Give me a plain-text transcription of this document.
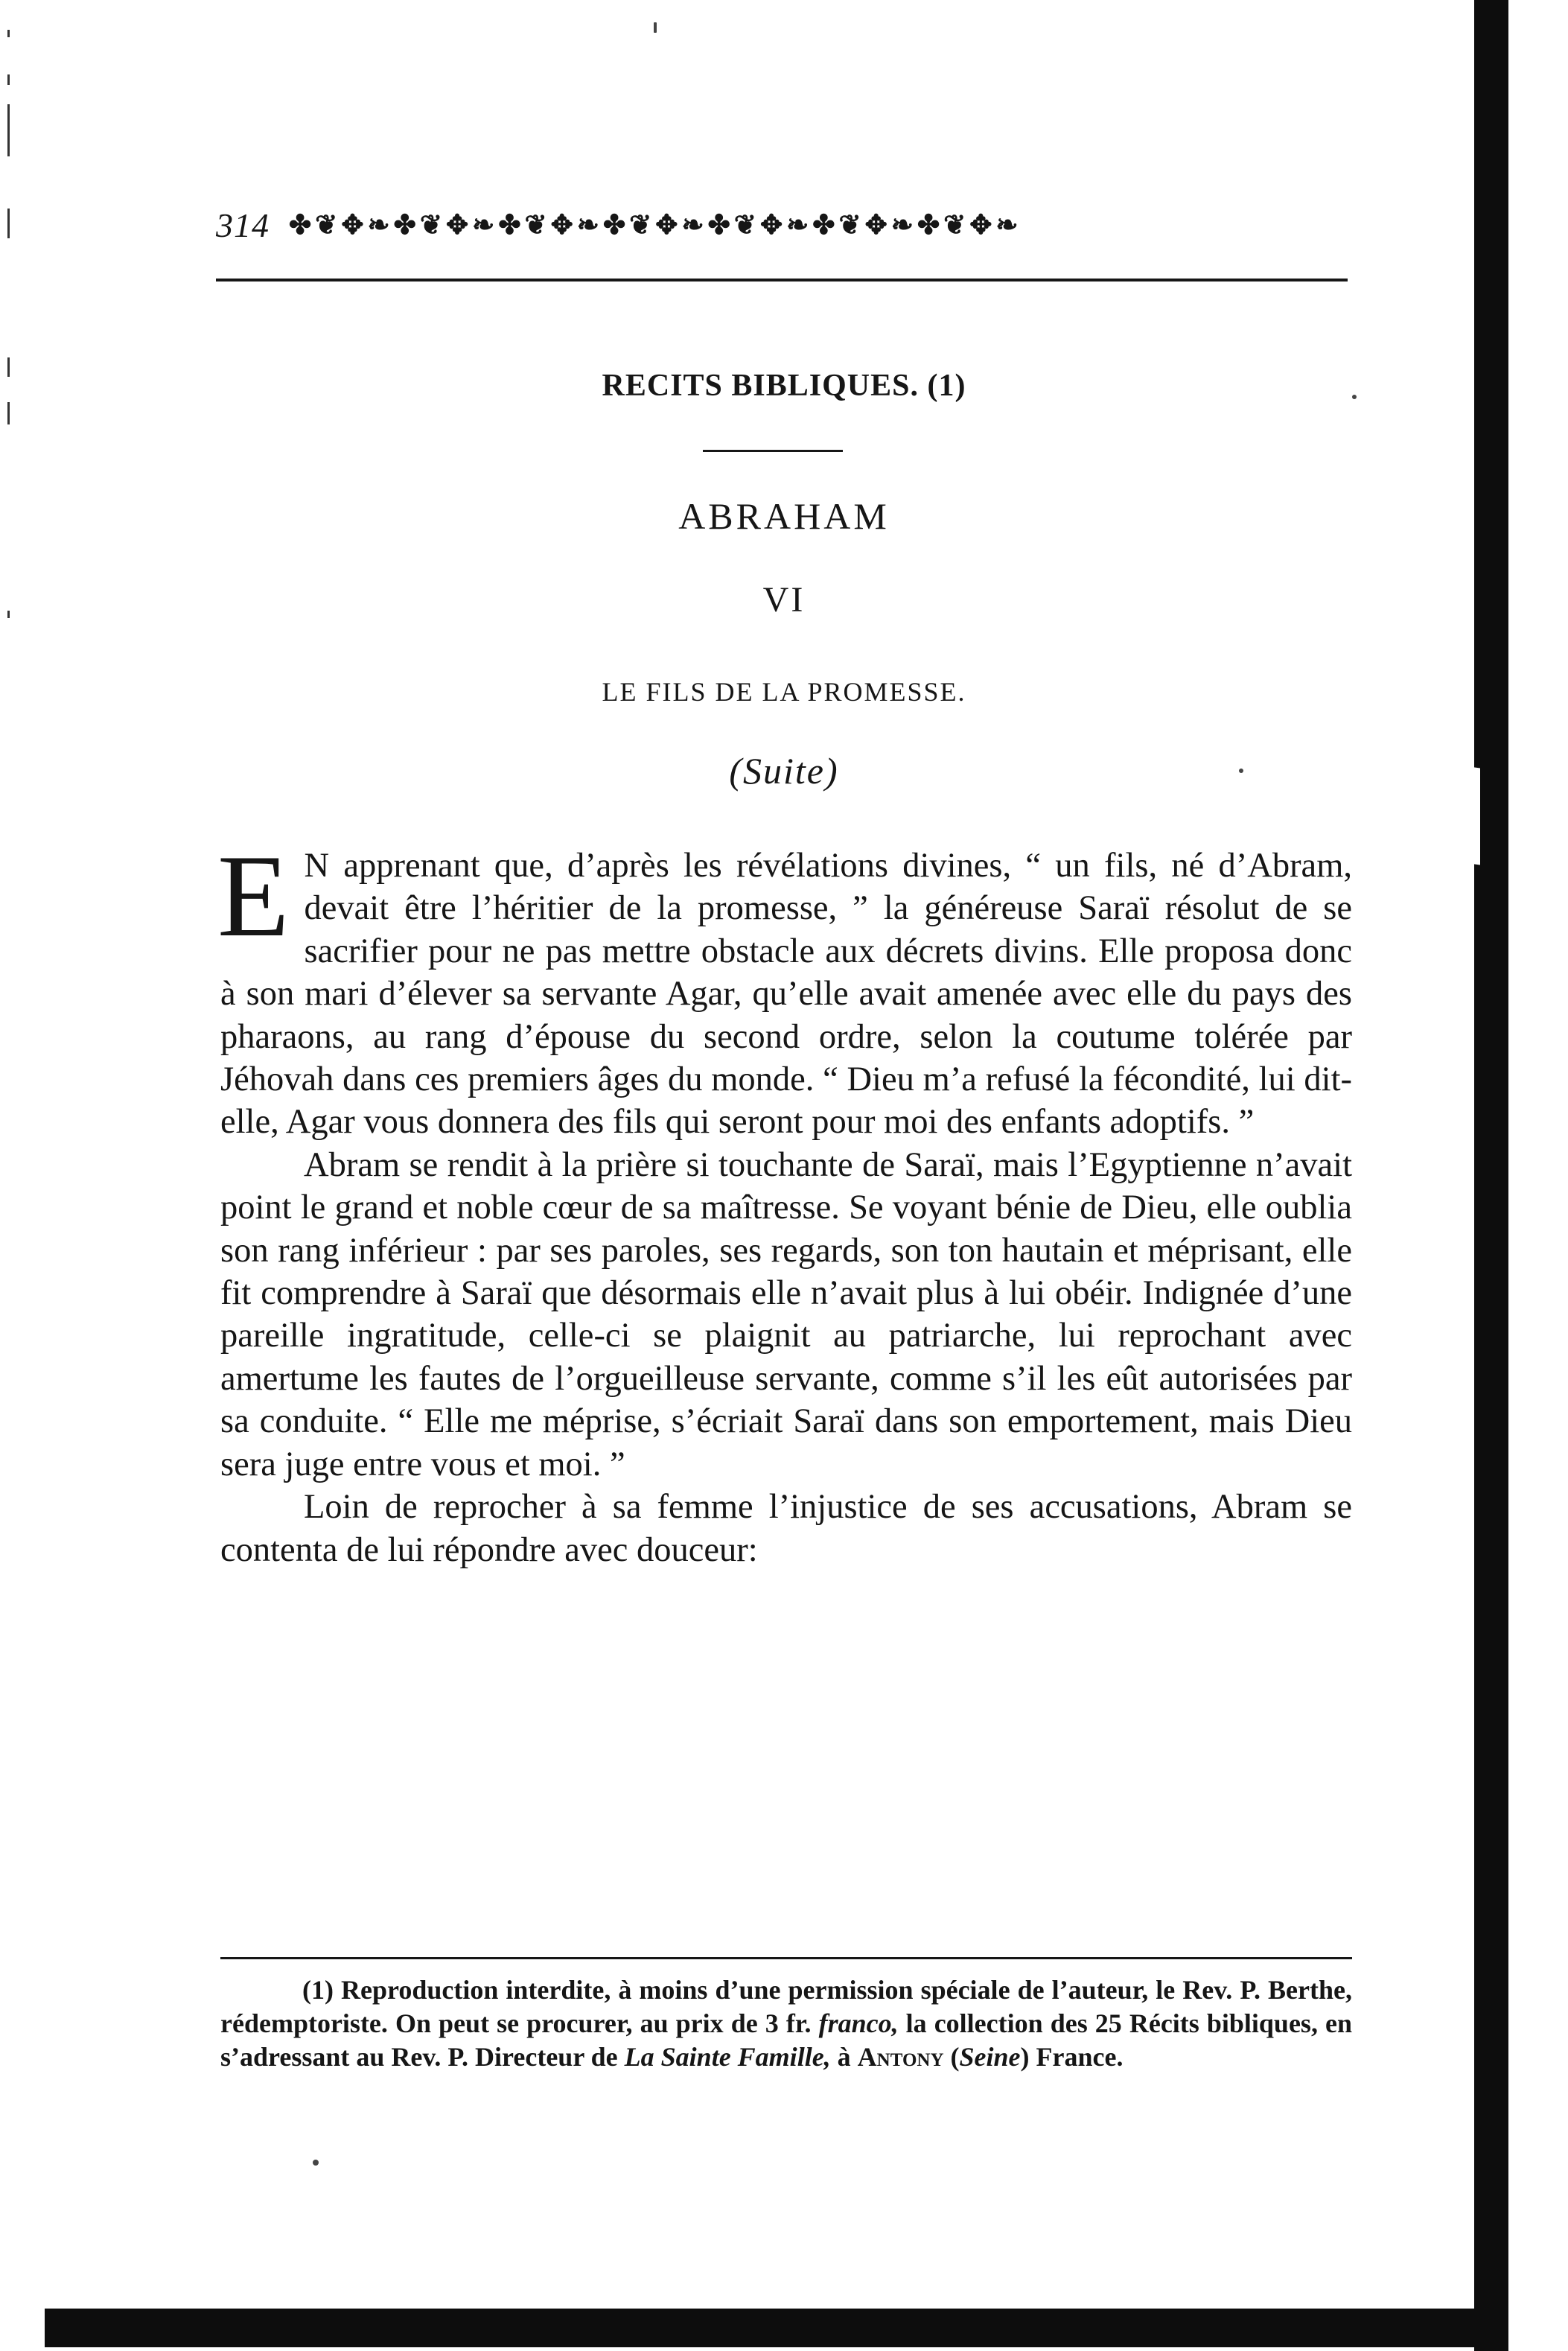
314 ✤❦✥❧✤❦✥❧✤❦✥❧✤❦✥❧✤❦✥❧✤❦✥❧✤❦✥❧
RECITS BIBLIQUES. (1)
ABRAHAM
VI
LE FILS DE LA PROMESSE.
(Suite)

E N apprenant que, d’après les révélations divines, “ un fils, né d’Abram, devait être l’héritier de la promesse, ” la généreuse Saraï résolut de se sacrifier pour ne pas mettre obstacle aux décrets divins. Elle proposa donc à son mari d’élever sa servante Agar, qu’elle avait amenée avec elle du pays des pharaons, au rang d’épouse du second ordre, selon la coutume tolérée par Jéhovah dans ces premiers âges du monde. “ Dieu m’a refusé la fécondité, lui dit-elle, Agar vous donnera des fils qui seront pour moi des enfants adoptifs. ”

Abram se rendit à la prière si touchante de Saraï, mais l’Egyptienne n’avait point le grand et noble cœur de sa maîtresse. Se voyant bénie de Dieu, elle oublia son rang inférieur : par ses paroles, ses regards, son ton hautain et méprisant, elle fit comprendre à Saraï que désormais elle n’avait plus à lui obéir. Indignée d’une pareille ingratitude, celle-ci se plaignit au patriarche, lui reprochant avec amertume les fautes de l’orgueilleuse servante, comme s’il les eût autorisées par sa conduite. “ Elle me méprise, s’écriait Saraï dans son emportement, mais Dieu sera juge entre vous et moi. ”

Loin de reprocher à sa femme l’injustice de ses accusations, Abram se contenta de lui répondre avec douceur:

(1) Reproduction interdite, à moins d’une permission spéciale de l’auteur, le Rev. P. Berthe, rédemptoriste. On peut se procurer, au prix de 3 fr. franco, la collection des 25 Récits bibliques, en s’adressant au Rev. P. Directeur de La Sainte Famille, à Antony (Seine) France.
